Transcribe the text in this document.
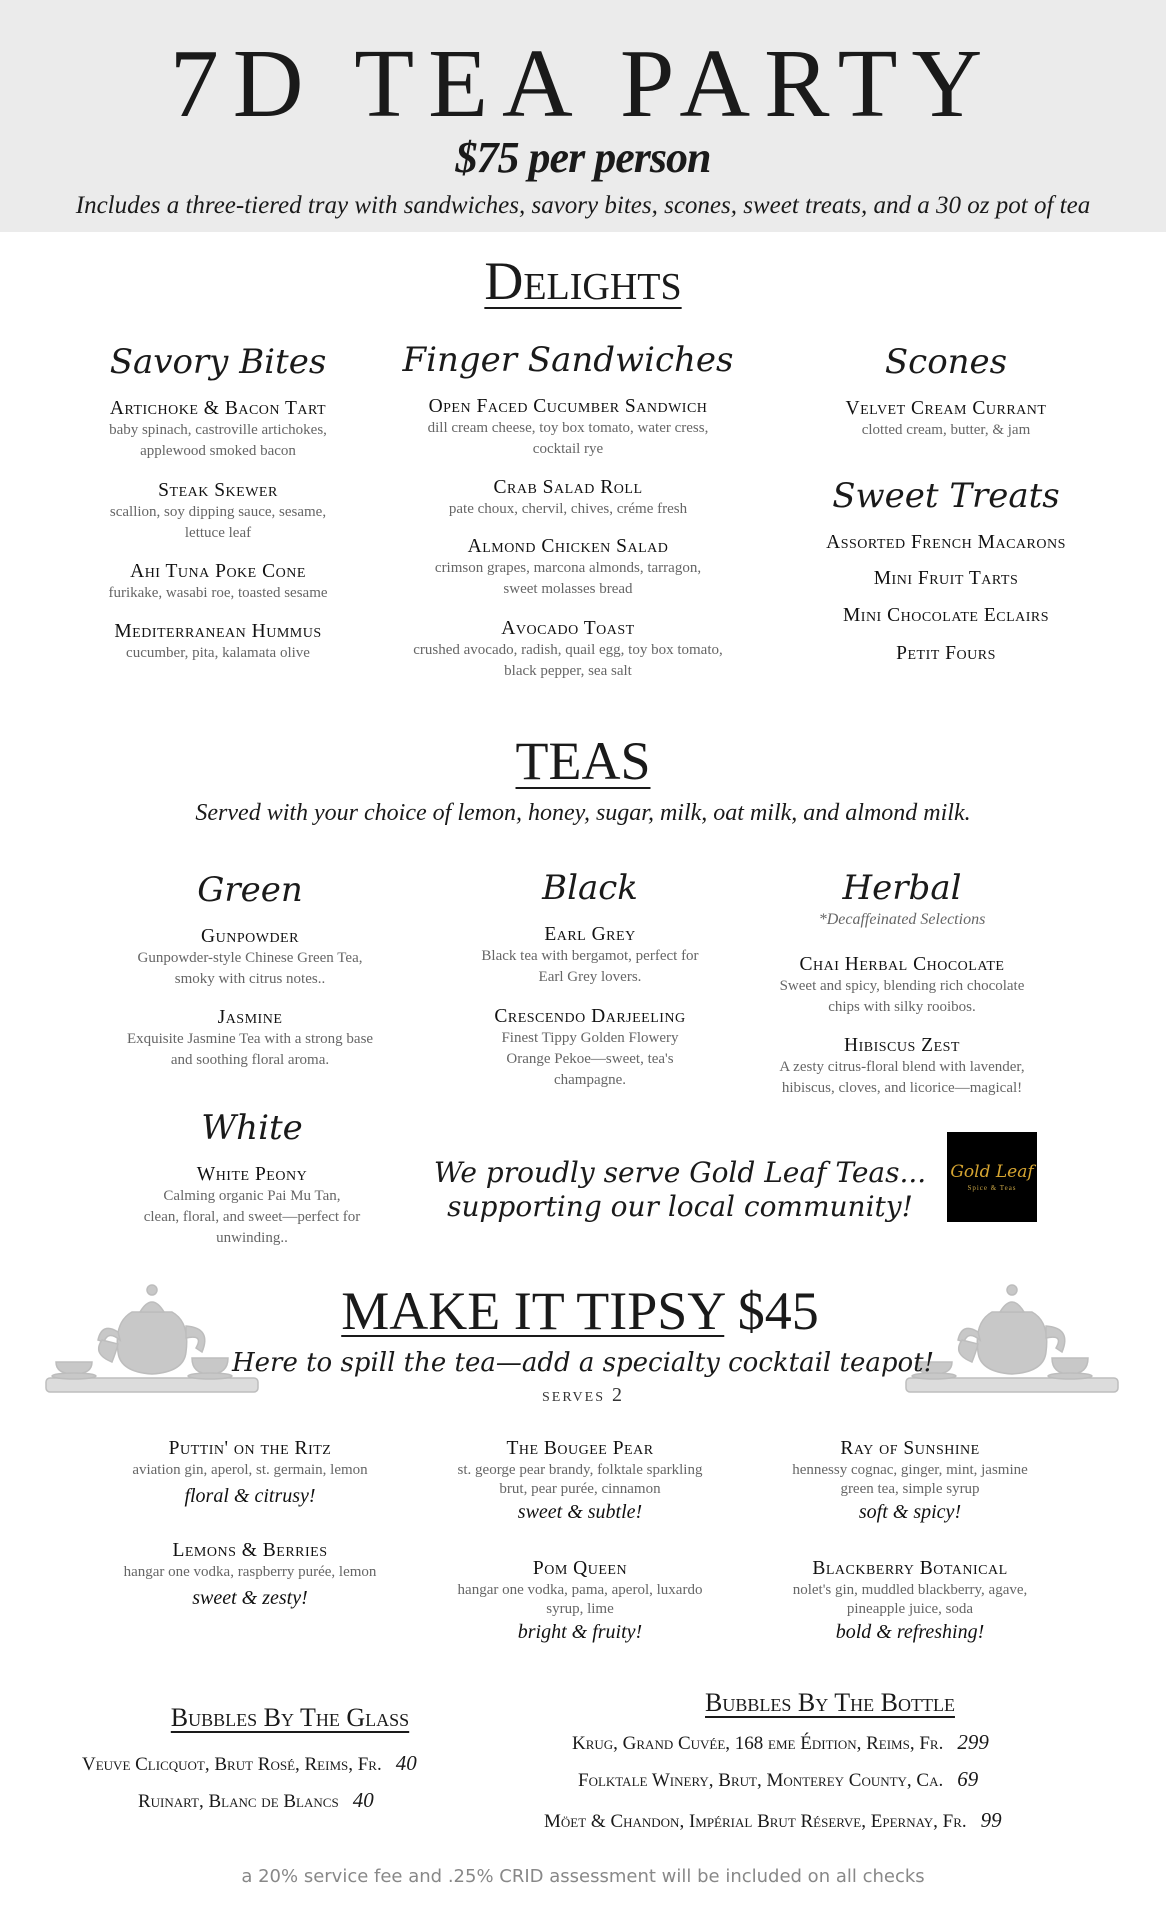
7D TEA PARTY
$75 per person
Includes a three-tiered tray with sandwiches, savory bites, scones, sweet treats, and a 30 oz pot of tea
Delights
Savory Bites
Artichoke & Bacon Tart
baby spinach, castroville artichokes,
applewood smoked bacon
Steak Skewer
scallion, soy dipping sauce, sesame,
lettuce leaf
Ahi Tuna Poke Cone
furikake, wasabi roe, toasted sesame
Mediterranean Hummus
cucumber, pita, kalamata olive
Finger Sandwiches
Open Faced Cucumber Sandwich
dill cream cheese, toy box tomato, water cress,
cocktail rye
Crab Salad Roll
pate choux, chervil, chives, créme fresh
Almond Chicken Salad
crimson grapes, marcona almonds, tarragon,
sweet molasses bread
Avocado Toast
crushed avocado, radish, quail egg, toy box tomato,
black pepper, sea salt
Scones
Velvet Cream Currant
clotted cream, butter, & jam
Sweet Treats
Assorted French Macarons
Mini Fruit Tarts
Mini Chocolate Eclairs
Petit Fours
TEAS
Served with your choice of lemon, honey, sugar, milk, oat milk, and almond milk.
Green
Gunpowder
Gunpowder-style Chinese Green Tea,
smoky with citrus notes..
Jasmine
Exquisite Jasmine Tea with a strong base
and soothing floral aroma.
Black
Earl Grey
Black tea with bergamot, perfect for
Earl Grey lovers.
Crescendo Darjeeling
Finest Tippy Golden Flowery
Orange Pekoe—sweet, tea's
champagne.
Herbal
*Decaffeinated Selections
Chai Herbal Chocolate
Sweet and spicy, blending rich chocolate
chips with silky rooibos.
Hibiscus Zest
A zesty citrus-floral blend with lavender,
hibiscus, cloves, and licorice—magical!
White
White Peony
Calming organic Pai Mu Tan,
clean, floral, and sweet—perfect for
unwinding..
We proudly serve Gold Leaf Teas...
supporting our local community!
Gold Leaf
Spice & Teas
MAKE IT TIPSY $45
Here to spill the tea—add a specialty cocktail teapot!
serves 2
Puttin' on the Ritz
aviation gin, aperol, st. germain, lemon
floral & citrusy!
The Bougee Pear
st. george pear brandy, folktale sparkling
brut, pear purée, cinnamon
sweet & subtle!
Ray of Sunshine
hennessy cognac, ginger, mint, jasmine
green tea, simple syrup
soft & spicy!
Lemons & Berries
hangar one vodka, raspberry purée, lemon
sweet & zesty!
Pom Queen
hangar one vodka, pama, aperol, luxardo
syrup, lime
bright & fruity!
Blackberry Botanical
nolet's gin, muddled blackberry, agave,
pineapple juice, soda
bold & refreshing!
Bubbles By The Glass
Veuve Clicquot, Brut Rosé, Reims, Fr. 40
Ruinart, Blanc de Blancs 40
Bubbles By The Bottle
Krug, Grand Cuvée, 168 eme Édition, Reims, Fr. 299
Folktale Winery, Brut, Monterey County, Ca. 69
Möet & Chandon, Impérial Brut Réserve, Epernay, Fr. 99
a 20% service fee and .25% CRID assessment will be included on all checks
